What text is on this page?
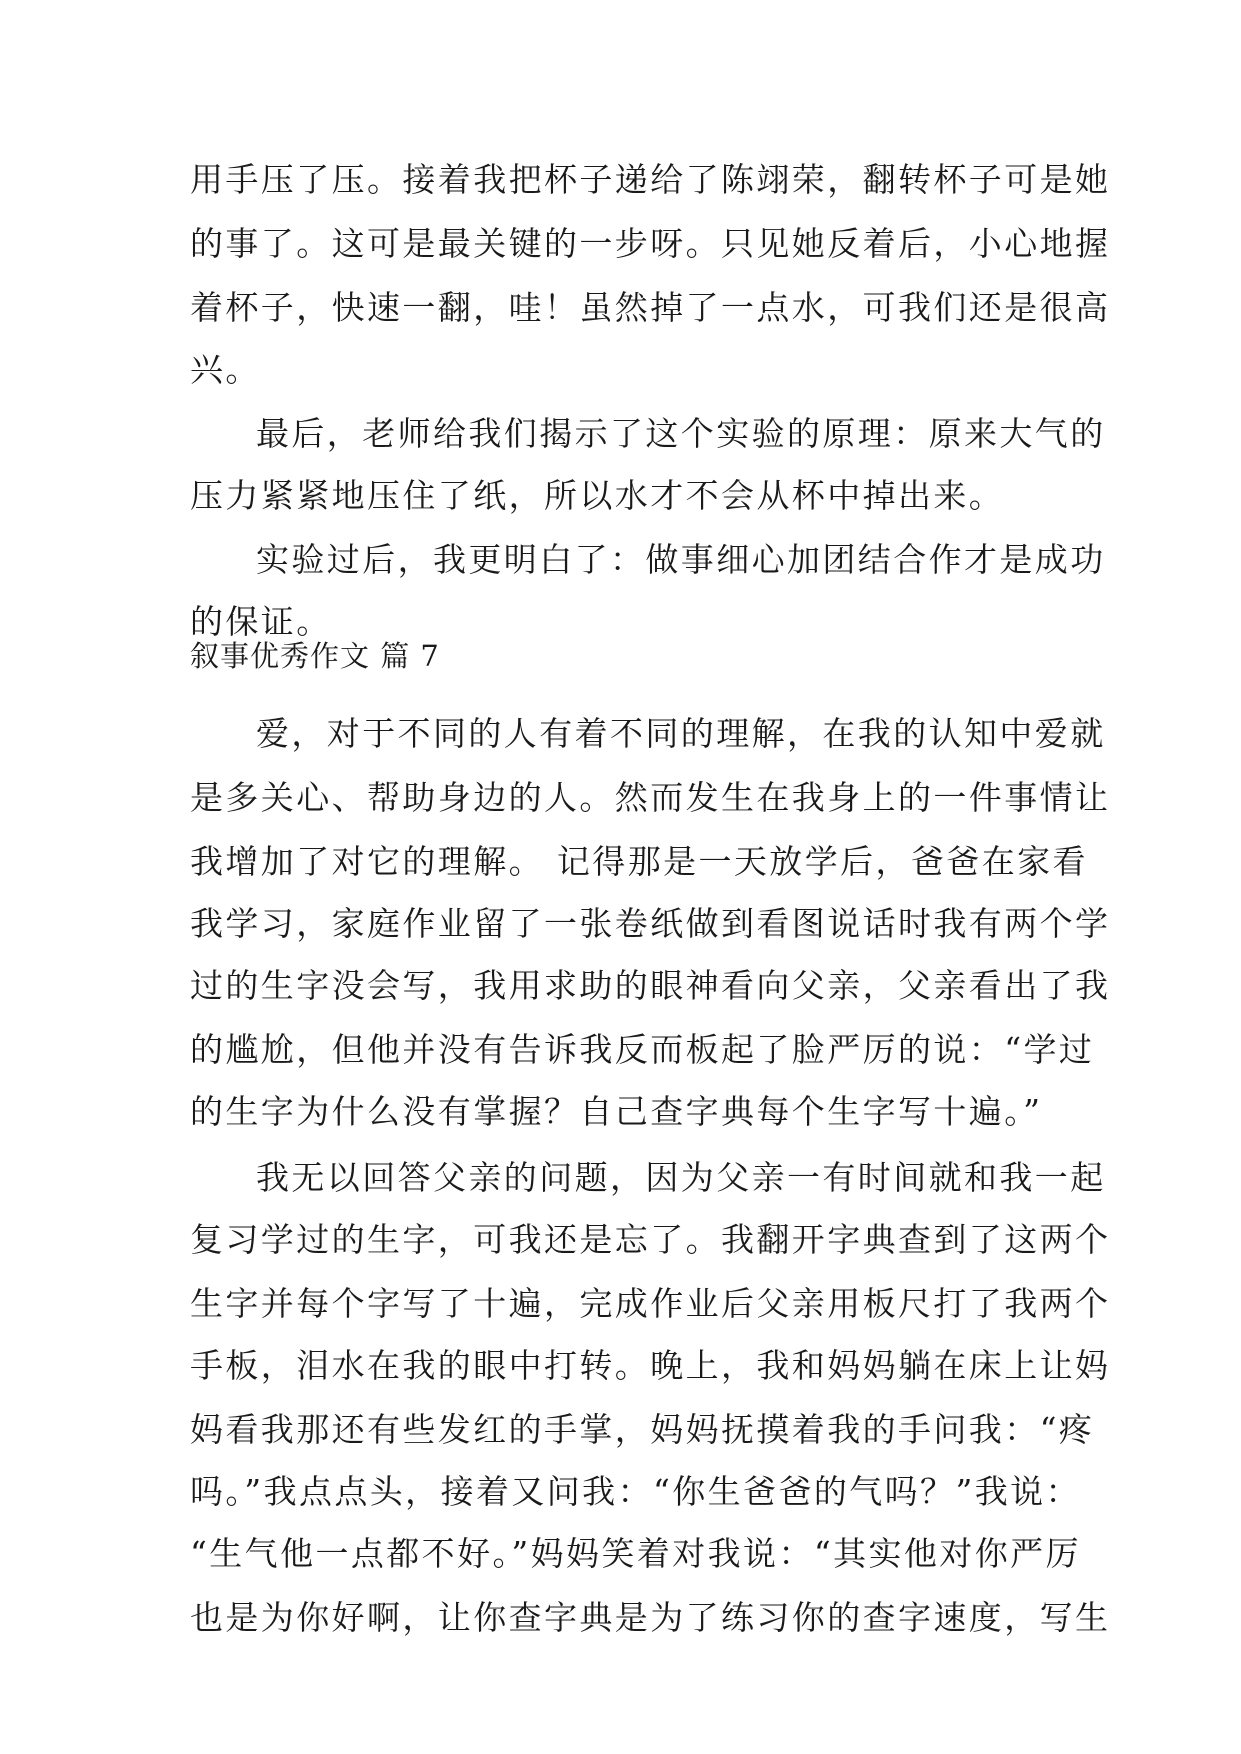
用手压了压。接着我把杯子递给了陈翊荣，翻转杯子可是她
的事了。这可是最关键的一步呀。只见她反着后，小心地握
着杯子，快速一翻，哇！虽然掉了一点水，可我们还是很高
兴。
最后，老师给我们揭示了这个实验的原理：原来大气的
压力紧紧地压住了纸，所以水才不会从杯中掉出来。
实验过后，我更明白了：做事细心加团结合作才是成功
的保证。
叙事优秀作文 篇 7
爱，对于不同的人有着不同的理解，在我的认知中爱就
是多关心、帮助身边的人。然而发生在我身上的一件事情让
我增加了对它的理解。 记得那是一天放学后，爸爸在家看
我学习，家庭作业留了一张卷纸做到看图说话时我有两个学
过的生字没会写，我用求助的眼神看向父亲，父亲看出了我
的尴尬，但他并没有告诉我反而板起了脸严厉的说：“学过
的生字为什么没有掌握？自己查字典每个生字写十遍。”
我无以回答父亲的问题，因为父亲一有时间就和我一起
复习学过的生字，可我还是忘了。我翻开字典查到了这两个
生字并每个字写了十遍，完成作业后父亲用板尺打了我两个
手板，泪水在我的眼中打转。晚上，我和妈妈躺在床上让妈
妈看我那还有些发红的手掌，妈妈抚摸着我的手问我：“疼
吗。”我点点头，接着又问我：“你生爸爸的气吗？”我说：
“生气他一点都不好。”妈妈笑着对我说：“其实他对你严厉
也是为你好啊，让你查字典是为了练习你的查字速度，写生
